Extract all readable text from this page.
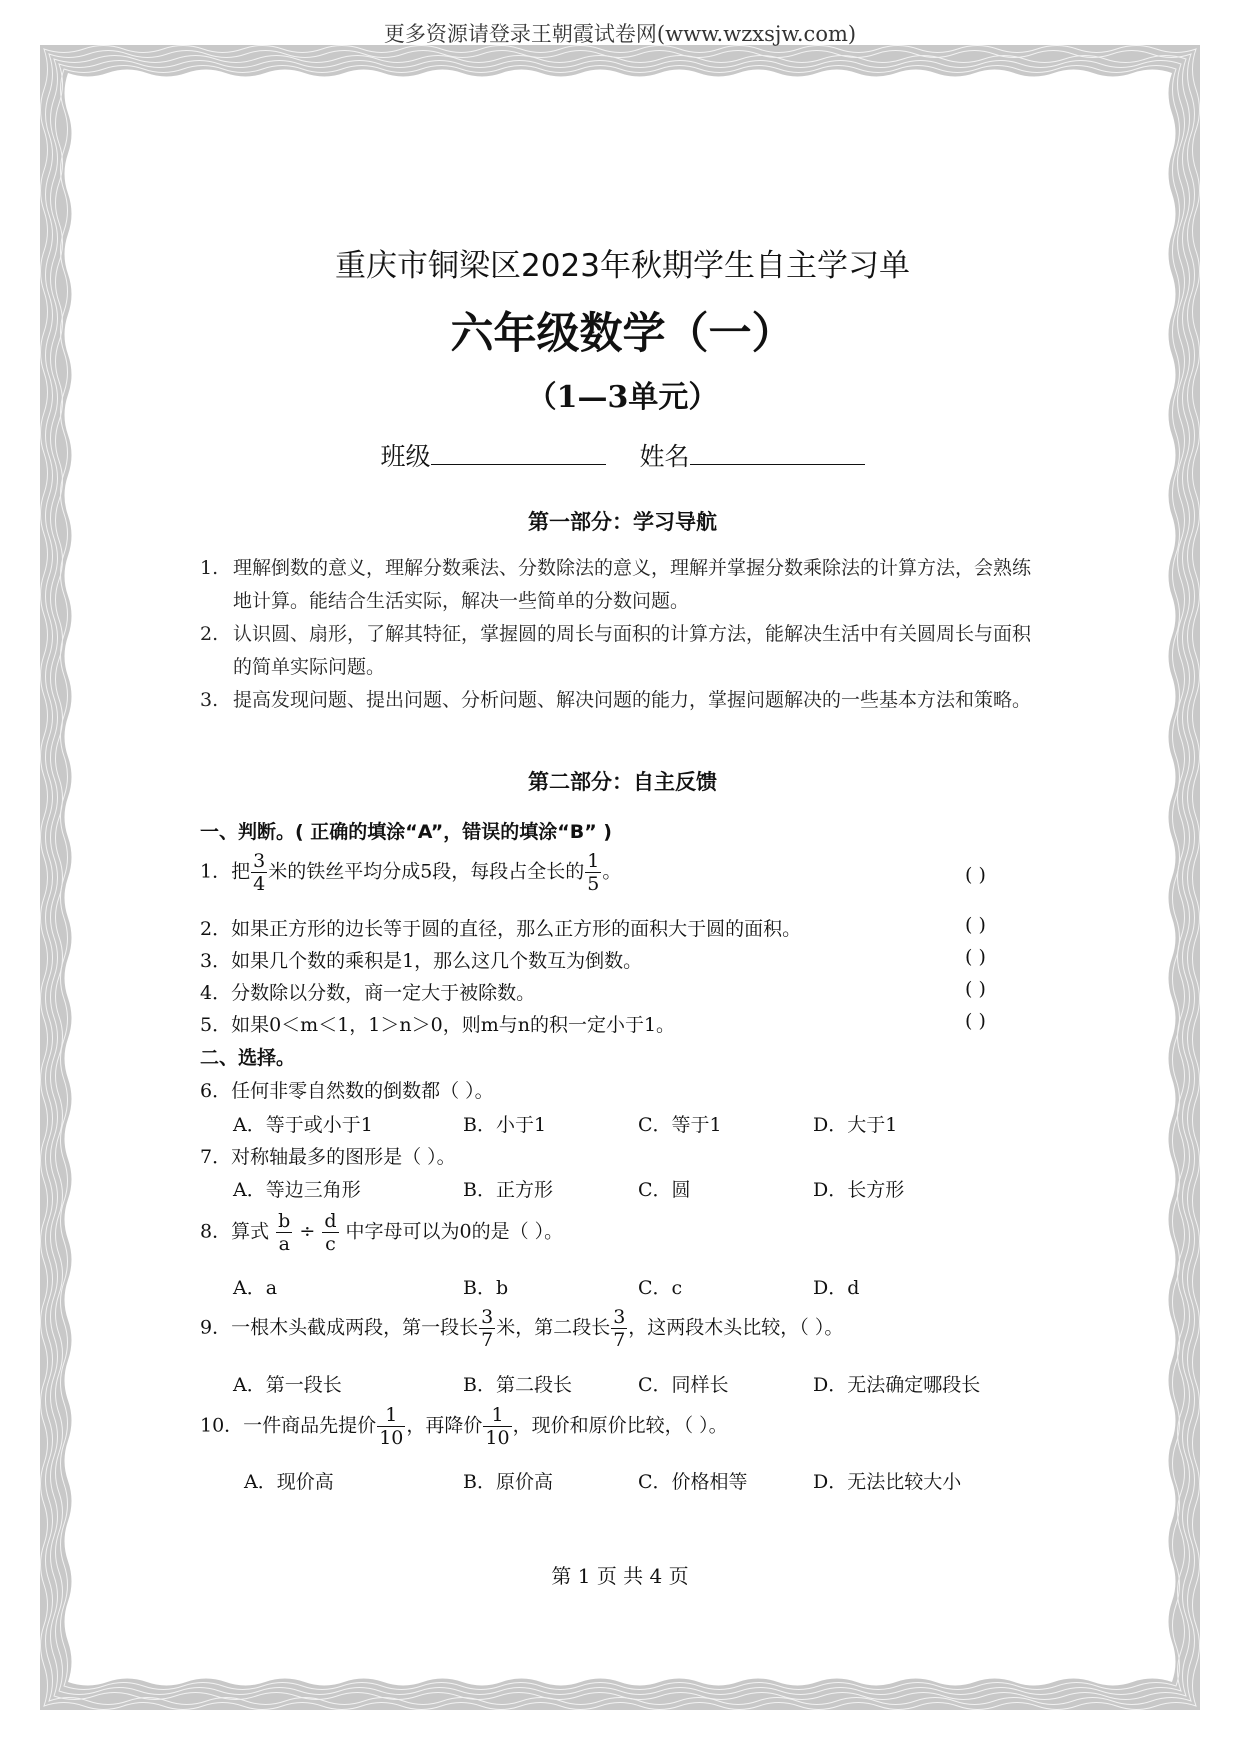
更多资源请登录王朝霞试卷网(www.wzxsjw.com)
重庆市铜梁区2023年秋期学生自主学习单
六年级数学（一）
（1—3单元）
班级	姓名
第一部分：学习导航
1. 理解倒数的意义，理解分数乘法、分数除法的意义，理解并掌握分数乘除法的计算方法，会熟练地计算。能结合生活实际，解决一些简单的分数问题。
2. 认识圆、扇形，了解其特征，掌握圆的周长与面积的计算方法，能解决生活中有关圆周长与面积的简单实际问题。
3. 提高发现问题、提出问题、分析问题、解决问题的能力，掌握问题解决的一些基本方法和策略。
第二部分：自主反馈
一、判断。( 正确的填涂“A”，错误的填涂“B” )
1．把 $\frac{3}{4}$ 米的铁丝平均分成5段，每段占全长的 $\frac{1}{5}$ 。	( )
2．如果正方形的边长等于圆的直径，那么正方形的面积大于圆的面积。	( )
3．如果几个数的乘积是1，那么这几个数互为倒数。	( )
4．分数除以分数，商一定大于被除数。	( )
5．如果0＜m＜1，1＞n＞0，则m与n的积一定小于1。	( )
二、选择。
6．任何非零自然数的倒数都（ ）。
A．等于或小于1	B．小于1	C．等于1	D．大于1
7．对称轴最多的图形是（ ）。
A．等边三角形	B．正方形	C．圆	D．长方形
8．算式 $\frac{b}{a} \div \frac{d}{c}$ 中字母可以为0的是（ ）。
A．a	B．b	C．c	D．d
9．一根木头截成两段，第一段长 $\frac{3}{7}$ 米，第二段长 $\frac{3}{7}$ ，这两段木头比较，（ ）。
A．第一段长	B．第二段长	C．同样长	D．无法确定哪段长
10．一件商品先提价 $\frac{1}{10}$ ，再降价 $\frac{1}{10}$ ，现价和原价比较，（ ）。
A．现价高	B．原价高	C．价格相等	D．无法比较大小
第 1 页 共 4 页
